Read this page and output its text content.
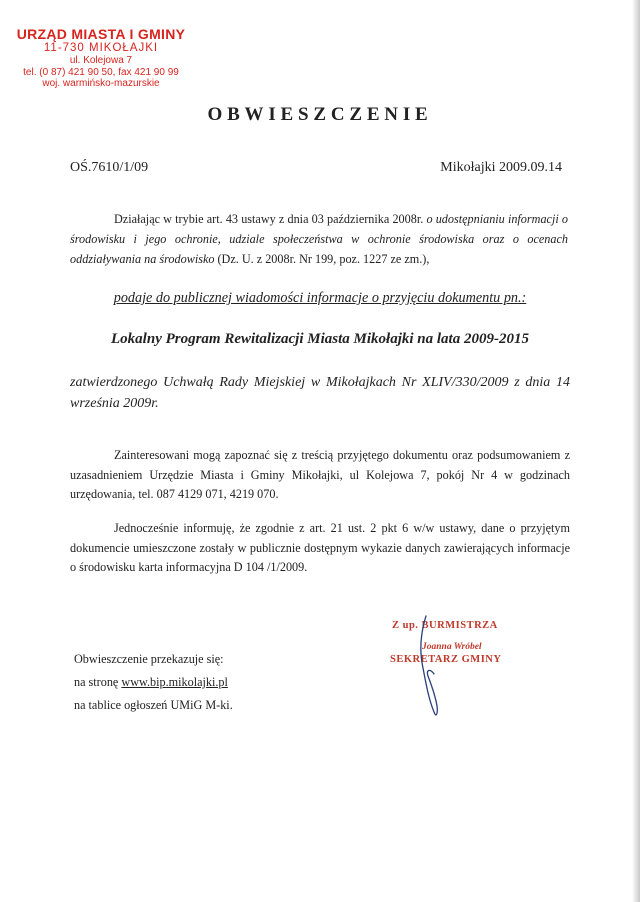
URZĄD MIASTA I GMINY
11-730 MIKOŁAJKI
ul. Kolejowa 7
tel. (0 87) 421 90 50, fax 421 90 99
woj. warmińsko-mazurskie
OBWIESZCZENIE
OŚ.7610/1/09	Mikołajki 2009.09.14
Działając w trybie art. 43 ustawy z dnia 03 października 2008r. o udostępnianiu informacji o środowisku i jego ochronie, udziale społeczeństwa w ochronie środowiska oraz o ocenach oddziaływania na środowisko (Dz. U. z 2008r. Nr 199, poz. 1227 ze zm.),
podaje do publicznej wiadomości informacje o przyjęciu dokumentu pn.:
Lokalny Program Rewitalizacji Miasta Mikołajki na lata 2009-2015
zatwierdzonego Uchwałą Rady Miejskiej w Mikołajkach Nr XLIV/330/2009 z dnia 14 września 2009r.
Zainteresowani mogą zapoznać się z treścią przyjętego dokumentu oraz podsumowaniem z uzasadnieniem Urzędzie Miasta i Gminy Mikołajki, ul Kolejowa 7, pokój Nr 4 w godzinach urzędowania, tel. 087 4129 071, 4219 070.
Jednocześnie informuję, że zgodnie z art. 21 ust. 2 pkt 6 w/w ustawy, dane o przyjętym dokumencie umieszczone zostały w publicznie dostępnym wykazie danych zawierających informacje o środowisku karta informacyjna D 104 /1/2009.
Z up. BURMISTRZA
Joanna Wróbel
SEKRETARZ GMINY
Obwieszczenie przekazuje się:
na stronę www.bip.mikolajki.pl
na tablice ogłoszeń UMiG M-ki.
